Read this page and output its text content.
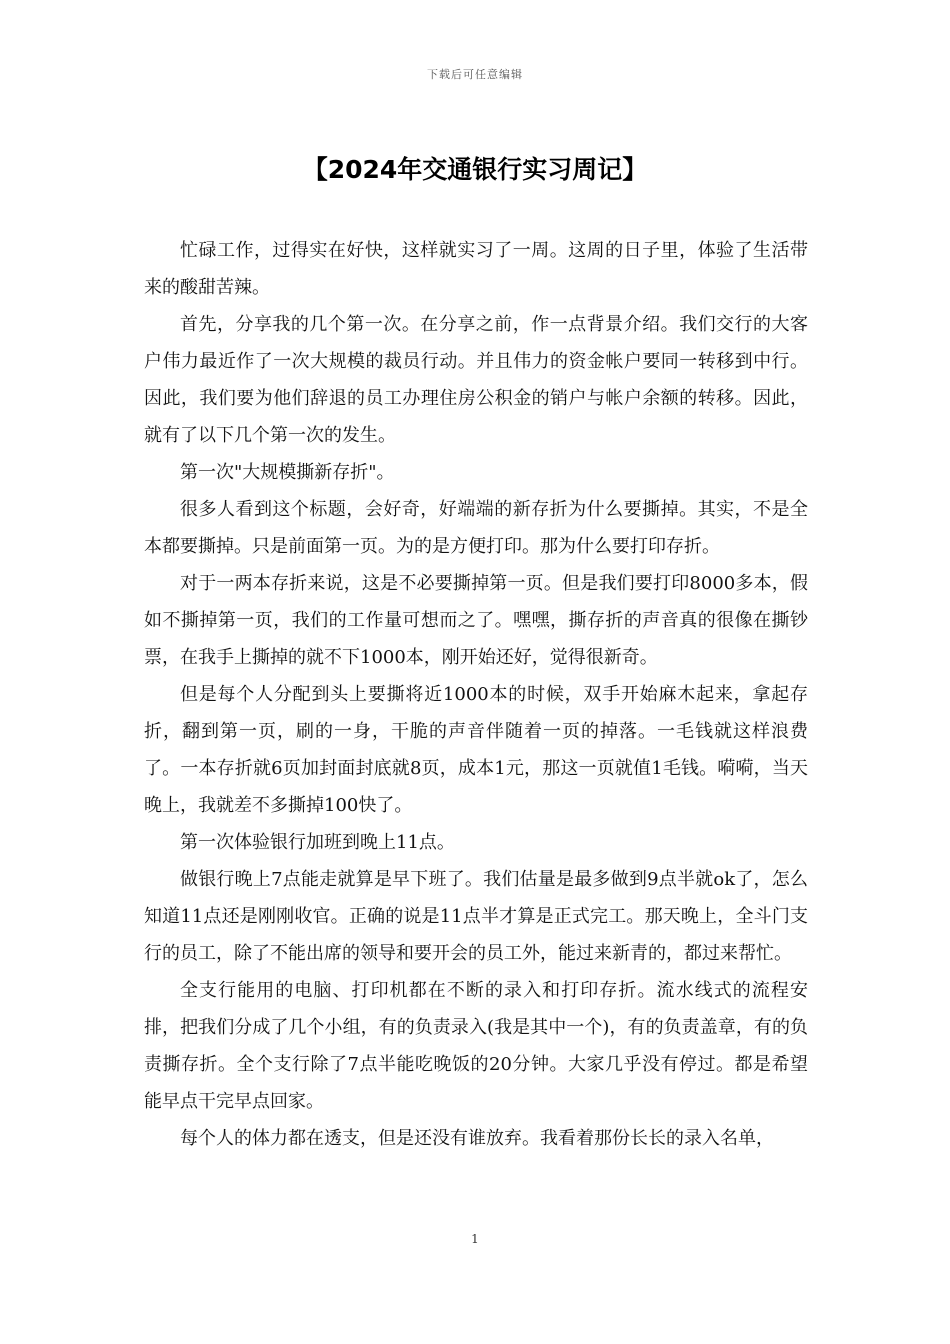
下载后可任意编辑
【2024年交通银行实习周记】

忙碌工作，过得实在好快，这样就实习了一周。这周的日子里，体验了生活带来的酸甜苦辣。

首先，分享我的几个第一次。在分享之前，作一点背景介绍。我们交行的大客户伟力最近作了一次大规模的裁员行动。并且伟力的资金帐户要同一转移到中行。因此，我们要为他们辞退的员工办理住房公积金的销户与帐户余额的转移。因此，就有了以下几个第一次的发生。

第一次"大规模撕新存折"。

很多人看到这个标题，会好奇，好端端的新存折为什么要撕掉。其实，不是全本都要撕掉。只是前面第一页。为的是方便打印。那为什么要打印存折。

对于一两本存折来说，这是不必要撕掉第一页。但是我们要打印8000多本，假如不撕掉第一页，我们的工作量可想而之了。嘿嘿，撕存折的声音真的很像在撕钞票，在我手上撕掉的就不下1000本，刚开始还好，觉得很新奇。

但是每个人分配到头上要撕将近1000本的时候，双手开始麻木起来，拿起存折，翻到第一页，刷的一身，干脆的声音伴随着一页的掉落。一毛钱就这样浪费了。一本存折就6页加封面封底就8页，成本1元，那这一页就值1毛钱。嗬嗬，当天晚上，我就差不多撕掉100快了。

第一次体验银行加班到晚上11点。

做银行晚上7点能走就算是早下班了。我们估量是最多做到9点半就ok了，怎么知道11点还是刚刚收官。正确的说是11点半才算是正式完工。那天晚上，全斗门支行的员工，除了不能出席的领导和要开会的员工外，能过来新青的，都过来帮忙。

全支行能用的电脑、打印机都在不断的录入和打印存折。流水线式的流程安排，把我们分成了几个小组，有的负责录入(我是其中一个)，有的负责盖章，有的负责撕存折。全个支行除了7点半能吃晚饭的20分钟。大家几乎没有停过。都是希望能早点干完早点回家。

每个人的体力都在透支，但是还没有谁放弃。我看着那份长长的录入名单，

1
